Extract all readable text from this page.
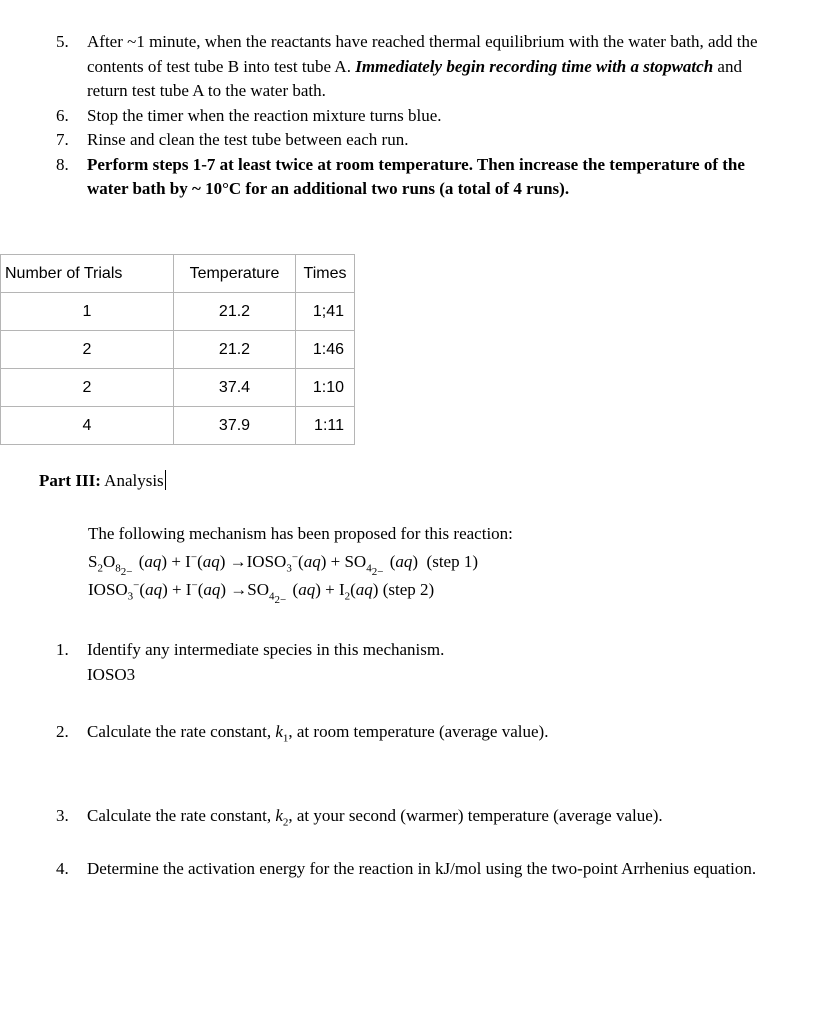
5.	After ~1 minute, when the reactants have reached thermal equilibrium with the water bath, add the contents of test tube B into test tube A. Immediately begin recording time with a stopwatch and return test tube A to the water bath.
6.	Stop the timer when the reaction mixture turns blue.
7.	Rinse and clean the test tube between each run.
8.	Perform steps 1-7 at least twice at room temperature. Then increase the temperature of the water bath by ~ 10°C for an additional two runs (a total of 4 runs).
Number of Trials	Temperature	Times
1	21.2	1;41
2	21.2	1:46
2	37.4	1:10
4	37.9	1:11
Part III: Analysis
The following mechanism has been proposed for this reaction:
$S_2O_8$ 2−
$(aq) + I^-(aq) \to IOSO_3^-(aq) + SO_4$ 2−
(aq)  (step 1)
$IOSO_3^-(aq) + I^-(aq) \to SO_4$ 2−
$(aq) + I_2(aq)$ (step 2)
1.	Identify any intermediate species in this mechanism.
IOSO3
2.	Calculate the rate constant, $k_1$, at room temperature (average value).
3.	Calculate the rate constant, $k_2$, at your second (warmer) temperature (average value).
4.	Determine the activation energy for the reaction in kJ/mol using the two-point Arrhenius equation.
